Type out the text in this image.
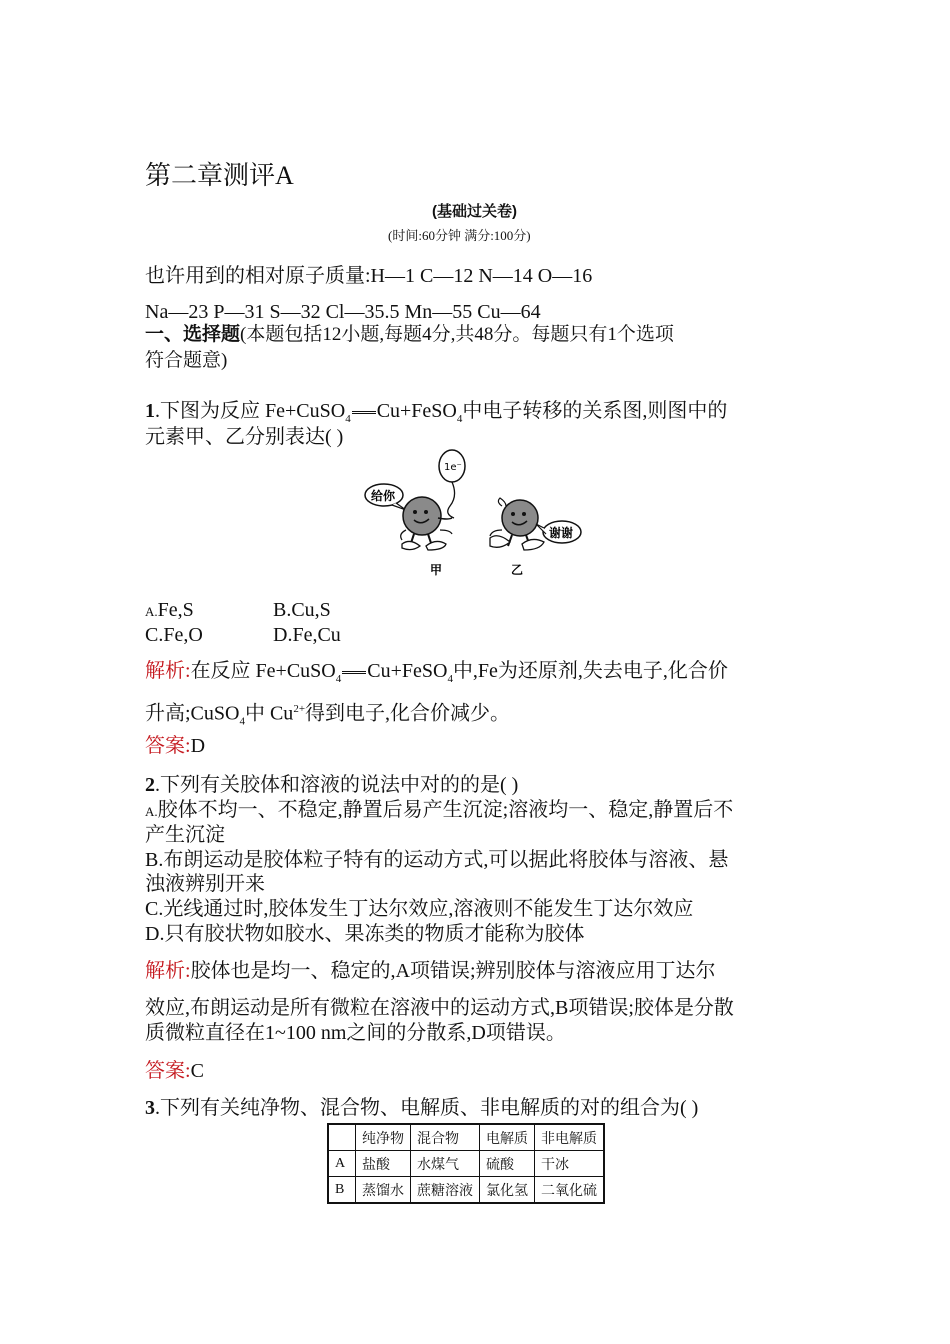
第二章测评A
(基础过关卷)
(时间:60分钟 满分:100分)
也许用到的相对原子质量:H—1 C—12 N—14 O—16
Na—23 P—31 S—32 Cl—35.5 Mn—55 Cu—64
一、选择题(本题包括12小题,每题4分,共48分。每题只有1个选项
符合题意)
1.下图为反应 Fe+CuSO$_4$ Cu+FeSO$_4$中电子转移的关系图,则图中的
元素甲、乙分别表达( )
1e⁻
给你
谢谢
甲	乙
A.Fe,S	B.Cu,S
C.Fe,O	D.Fe,Cu
解析:在反应 Fe+CuSO$_4$ Cu+FeSO$_4$中,Fe为还原剂,失去电子,化合价
升高;CuSO$_4$中 $Cu^{2+}$得到电子,化合价减少。
答案:D
2.下列有关胶体和溶液的说法中对的的是( )
A.胶体不均一、不稳定,静置后易产生沉淀;溶液均一、稳定,静置后不
产生沉淀
B.布朗运动是胶体粒子特有的运动方式,可以据此将胶体与溶液、悬
浊液辨别开来
C.光线通过时,胶体发生丁达尔效应,溶液则不能发生丁达尔效应
D.只有胶状物如胶水、果冻类的物质才能称为胶体
解析:胶体也是均一、稳定的,A项错误;辨别胶体与溶液应用丁达尔
效应,布朗运动是所有微粒在溶液中的运动方式,B项错误;胶体是分散
质微粒直径在1~100 nm之间的分散系,D项错误。
答案:C
3.下列有关纯净物、混合物、电解质、非电解质的对的组合为( )
	纯净物	混合物	电解质	非电解质
A	盐酸	水煤气	硫酸	干冰
B	蒸馏水	蔗糖溶液	氯化氢	二氧化硫
